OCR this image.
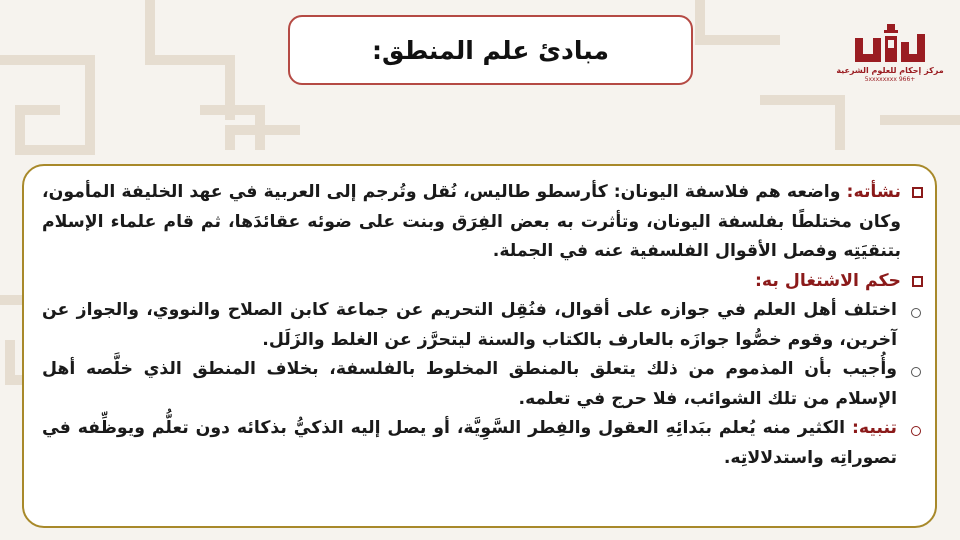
مبادئ علم المنطق:
مركز إحكام للعلوم الشرعية
+966 5xxxxxxxx
نشأته: واضعه هم فلاسفة اليونان: كأرسطو طاليس، نُقل وتُرجم إلى العربية في عهد الخليفة المأمون، وكان مختلطًا بفلسفة اليونان، وتأثرت به بعض الفِرَق وبنت على ضوئه عقائدَها، ثم قام علماء الإسلام بتنقيَتِه وفصل الأقوال الفلسفية عنه في الجملة.
حكم الاشتغال به:
اختلف أهل العلم في جوازه على أقوال، فنُقِل التحريم عن جماعة كابن الصلاح والنووي، والجواز عن آخرين، وقوم خصُّوا جوازَه بالعارف بالكتاب والسنة ليتحرَّز عن الغلط والزَلَل.
وأُجيب بأن المذموم من ذلك يتعلق بالمنطق المخلوط بالفلسفة، بخلاف المنطق الذي خلَّصه أهل الإسلام من تلك الشوائب، فلا حرج في تعلمه.
تنبيه: الكثير منه يُعلم ببَدائِهِ العقول والفِطر السَّوِيَّة، أو يصل إليه الذكيُّ بذكائه دون تعلُّم ويوظِّفه في تصوراتِه واستدلالاتِه.
